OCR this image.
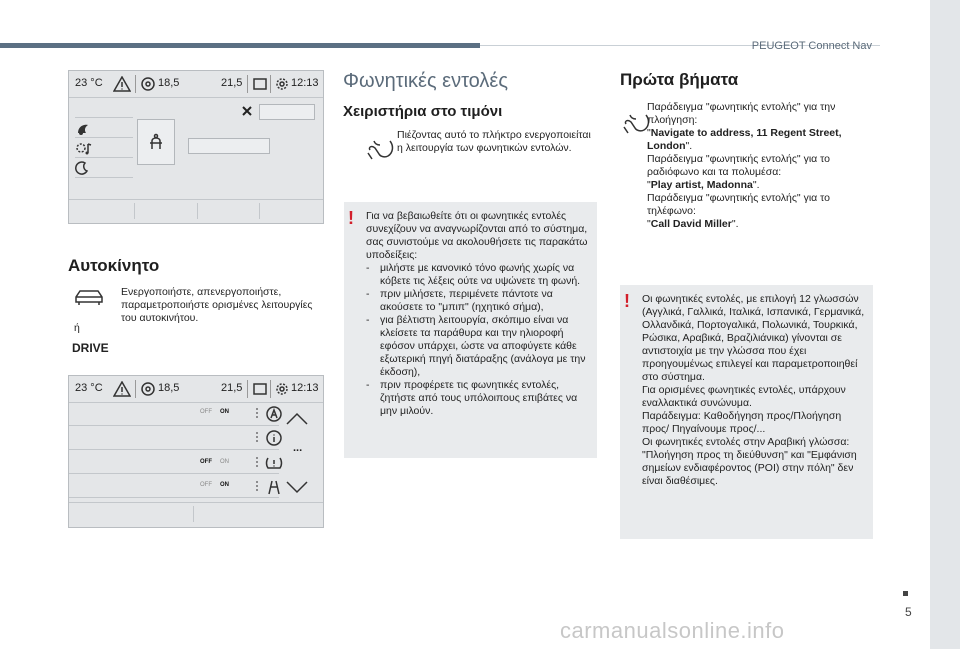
PEUGEOT Connect Nav
5
carmanualsonline.info
23 °C	18,5	21,5	12:13
Αυτοκίνητο
Ενεργοποιήστε, απενεργοποιήστε, παραμετροποιήστε ορισμένες λειτουργίες του αυτοκινήτου.
ή
DRIVE
23 °C	18,5	21,5	12:13
OFF ON
OFF ON
OFF ON
...
Φωνητικές εντολές
Χειριστήρια στο τιμόνι
Πιέζοντας αυτό το πλήκτρο ενεργοποιείται η λειτουργία των φωνητικών εντολών.
! Για να βεβαιωθείτε ότι οι φωνητικές εντολές συνεχίζουν να αναγνωρίζονται από το σύστημα, σας συνιστούμε να ακολουθήσετε τις παρακάτω υποδείξεις:
-	μιλήστε με κανονικό τόνο φωνής χωρίς να κόβετε τις λέξεις ούτε να υψώνετε τη φωνή.
-	πριν μιλήσετε, περιμένετε πάντοτε να ακούσετε το "μπιπ" (ηχητικό σήμα),
-	για βέλτιστη λειτουργία, σκόπιμο είναι να κλείσετε τα παράθυρα και την ηλιοροφή εφόσον υπάρχει, ώστε να αποφύγετε κάθε εξωτερική πηγή διατάραξης (ανάλογα με την έκδοση),
-	πριν προφέρετε τις φωνητικές εντολές, ζητήστε από τους υπόλοιπους επιβάτες να μην μιλούν.
Πρώτα βήματα
Παράδειγμα "φωνητικής εντολής" για την πλοήγηση:
"Navigate to address, 11 Regent Street, London".
Παράδειγμα "φωνητικής εντολής" για το ραδιόφωνο και τα πολυμέσα:
"Play artist, Madonna".
Παράδειγμα "φωνητικής εντολής" για το τηλέφωνο:
"Call David Miller".
! Οι φωνητικές εντολές, με επιλογή 12 γλωσσών (Αγγλικά, Γαλλικά, Ιταλικά, Ισπανικά, Γερμανικά, Ολλανδικά, Πορτογαλικά, Πολωνικά, Τουρκικά, Ρώσικα, Αραβικά, Βραζιλιάνικα) γίνονται σε αντιστοιχία με την γλώσσα που έχει προηγουμένως επιλεγεί και παραμετροποιηθεί στο σύστημα.
Για ορισμένες φωνητικές εντολές, υπάρχουν εναλλακτικά συνώνυμα.
Παράδειγμα: Καθοδήγηση προς/Πλοήγηση προς/ Πηγαίνουμε προς/...
Οι φωνητικές εντολές στην Αραβική γλώσσα: "Πλοήγηση προς τη διεύθυνση" και "Εμφάνιση σημείων ενδιαφέροντος (POI) στην πόλη" δεν είναι διαθέσιμες.
